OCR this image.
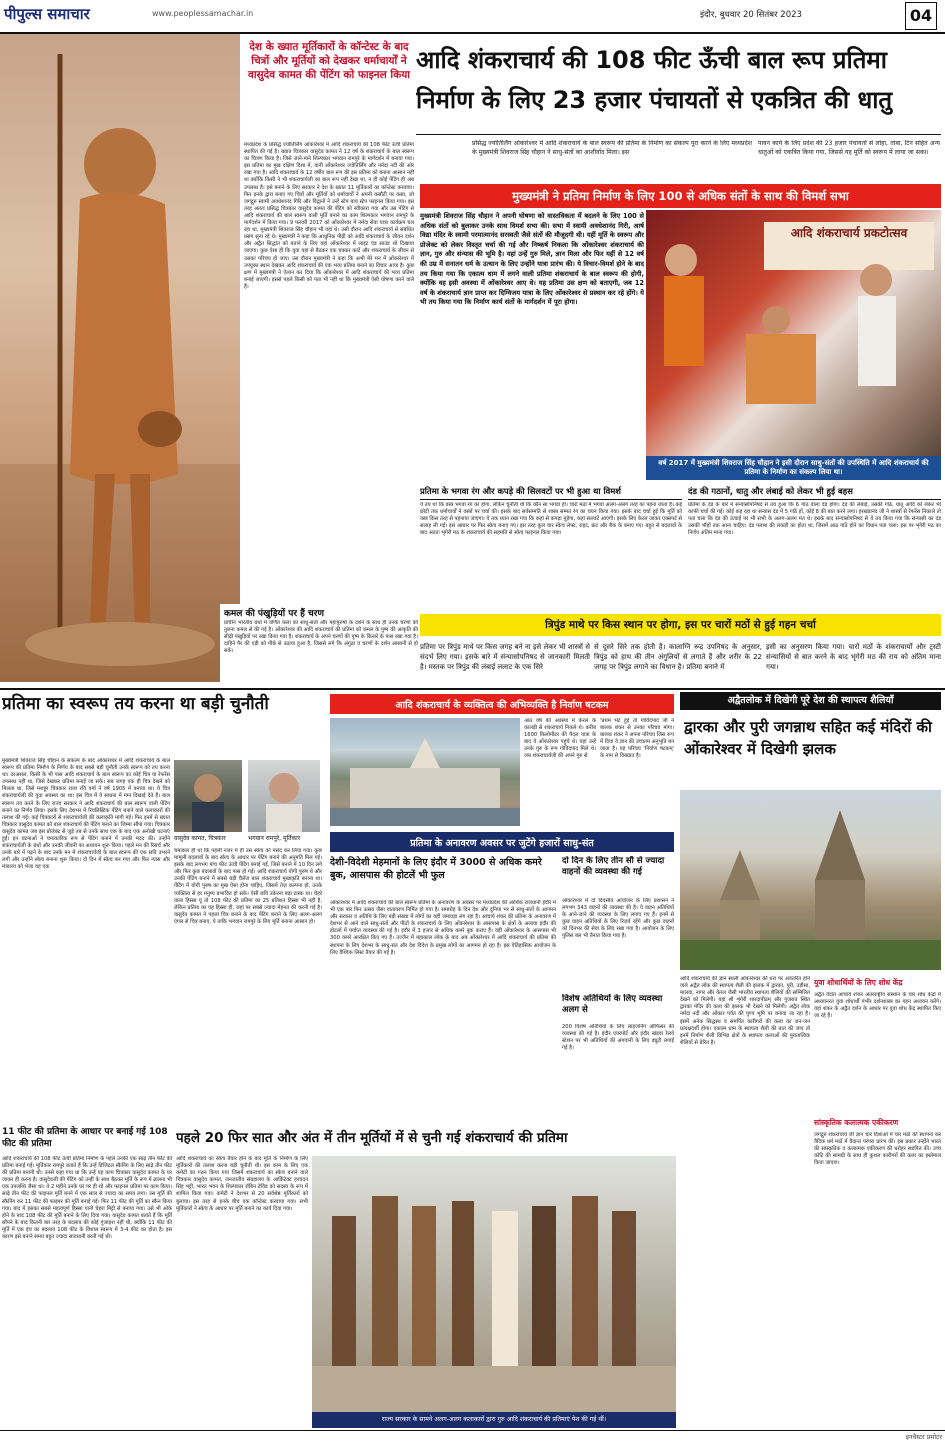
पीपुल्स समाचार	www.peoplessamachar.in	इंदौर, बुधवार 20 सितंबर 2023	04
देश के ख्यात मूर्तिकारों के कॉन्टेस्ट के बाद चित्रों और मूर्तियों को देखकर धर्माचार्यों ने वासुदेव कामत की पेंटिंग को फाइनल किया
आदि शंकराचार्य की 108 फीट ऊँची बाल रूप प्रतिमा
निर्माण के लिए 23 हजार पंचायतों से एकत्रित की धातु
प्रसिद्ध ज्योतिर्लिंग ओंकारेश्वर में आदि शंकराचार्य के बाल स्वरूप की प्रतिमा के निर्माण का संकल्प पूरा करने के लिए मध्यप्रदेश के मुख्यमंत्री शिवराज सिंह चौहान ने साधु-संतों का आशीर्वाद मिला। इस
पावन कार्य के लिए प्रदेश की 23 हजार पंचायतों से लोहा, तांबा, टिन सहित अन्य धातुओं को एकत्रित किया गया, जिससे यह मूर्ति को स्वरूप में लाया जा सका।
मध्यप्रदेश के प्रसिद्ध ज्योतिर्लिंग ओंकारेश्वर में आदि शंकराचार्य की 108 फीट ऊंची प्रतिमा स्थापित की गई है। ख्यात चित्रकार वासुदेव कामत ने 12 वर्ष के शंकराचार्य के बाल स्वरूप का चित्रण किया है। जिसे जाने-माने शिल्पकार भगवान रामपुरे के मार्गदर्शन में बनाया गया। इस प्रतिमा का मुख दक्षिण दिशा में, यानी ओंकारेश्वर ज्योतिर्लिंग और नर्मदा नदी की ओर रखा गया है। आदि शंकराचार्य के 12 वर्षीय बाल रूप की इस प्रतिमा को बनाना आसान नहीं था क्योंकि किसी ने भी शंकराचार्यजी का बाल रूप नहीं देखा था, न ही कोई पेंटिंग ही अब उपलब्ध है। इसे बनाने के लिए सरकार ने देश के ख्यात 11 मूर्तिकारों का कॉन्टेस्ट करवाया। फिर इनके द्वारा बनाए गए चित्रों और मूर्तियों को धर्माचार्यों ने अपनी कसौटी पर कसा, जो जगद्गुरु स्वामी अवधेशानंद गिरि और विद्वानों ने उन्हें स्टेप बाय स्टेप फाइनल किया गया। इस तरह अंततः प्रसिद्ध चित्रकार वासुदेव कामत की पेंटिंग को स्वीकारा गया और उस पेंटिंग से आदि शंकराचार्य की बाल स्वरूप वाली मूर्ति बनाने का काम शिल्पकार भगवान रामपुरे के मार्गदर्शन में किया गया। 9 फरवरी 2017 को ओंकारेश्वर में नर्मदा सेवा यात्रा कार्यक्रम चल रहा था, मुख्यमंत्री शिवराज सिंह चौहान भी वहां थे। उसी दौरान आदि शंकराचार्य से संबंधित प्रसंग सुना रहे थे। मुख्यमंत्री ने कहा कि आधुनिक पीढ़ी को आदि शंकराचार्य के जीवन दर्शन और अद्वैत सिद्धांत को बताने के लिए यहां ओंकारेश्वर में लाइट एंड साउंड शो दिखाया जाएगा। कुछ ऐसा ही कि युवा यहां से बैठकर एक चक्कर काटें और शंकराचार्य के जीवन से उसका परिचय हो जाए। उस दौरान मुख्यमंत्री ने कहा कि अभी मेरे मन में ओंकारेश्वर में उपयुक्त स्थान देखकर आदि शंकराचार्य की एक भव्य प्रतिमा बनाने का विचार आया है। कुछ क्षण में मुख्यमंत्री ने ऐलान कर दिया कि ओंकारेश्वर में आदि शंकराचार्य की भव्य प्रतिमा बनाई जाएगी। इससे पहले किसी को पता भी नहीं था कि मुख्यमंत्री ऐसी घोषणा करने वाले हैं।
कमल की पंखुड़ियों पर हैं चरण
प्राचीन भारतीय ग्रंथों में वर्णित कला का साधु-संतों और महापुरुषों के दर्शन के साथ ही उनके चरणों की तुलना कमल से की गई है। ओंकारेश्वर की आदि शंकराचार्य की प्रतिमा को कमल के पुष्प की आकृति की सीढ़ी पंखुड़ियों पर रखा किया गया है। शंकराचार्य के अपने चरणों की पुष्प के किनारे के पास रखा गया है। दाहिने पैर की एड़ी को पीछे से उठाया हुआ है, जिससे लगे कि अंगुठा व चरणों के दर्शन आसानी से हो सकें।
मुख्यमंत्री ने प्रतिमा निर्माण के लिए 100 से अधिक संतों के साथ की विमर्श सभा
मुख्यमंत्री शिवराज सिंह चौहान ने अपनी घोषणा को वास्तविकता में बदलने के लिए 100 से अधिक संतों को बुलाकर उनके साथ विमर्श सभा की। सभा में स्वामी अवधेशानंद गिरी, आर्ष विद्या मंदिर के स्वामी परमात्मानंद सरस्वती जैसे संतों की मौजूदगी थी। यहीं मूर्ति के स्वरूप और प्रोजेक्ट को लेकर विस्तृत चर्चा की गई और निष्कर्ष निकला कि ओंकारेश्वर शंकराचार्य की ज्ञान, गुरु और संन्यास की भूमि है। यहां उन्हें गुरु मिले, ज्ञान मिला और फिर यहीं से 12 वर्ष की उम्र में सनातन धर्म के उत्थान के लिए उन्होंने यात्रा प्रारंभ की। ये विचार-विमर्श होने के बाद तय किया गया कि एकात्म धाम में लगने वाली प्रतिमा शंकराचार्य के बाल स्वरूप की होगी, क्योंकि वह इसी अवस्था में ओंकारेश्वर आए थे। यह प्रतिमा उस क्षण को बताएगी, जब 12 वर्ष के शंकराचार्य ज्ञान प्राप्त कर दिग्विजय यात्रा के लिए ओंकारेश्वर से प्रस्थान कर रहे होंगे। ये भी तय किया गया कि निर्माण कार्य संतों के मार्गदर्शन में पूरा होगा।
आदि शंकराचार्य प्रकटोत्सव
वर्ष 2017 में मुख्यमंत्री शिवराज सिंह चौहान ने इसी दौरान साधु-संतों की उपस्थिति में आदि शंकराचार्य की प्रतिमा के निर्माण का संकल्प लिया था।
प्रतिमा के भगवा रंग और कपड़े की सिलवटों पर भी हुआ था विमर्श
ये तय था कि वस्त्र भगवा रंग का होगा, लेकिन चुनौती थी कि कौन सा भगवा हो। चारों मठों में भगवा अलग-अलग तरह का पहना जाता है। कई छोटी तक धर्माचार्यों ने वस्त्रों पर चर्चा की। इसके बाद सर्वसम्मति से शास्त्र सम्मत रंग का चयन किया गया। इसके बाद चर्चा हुई कि मूर्ति को वस्त्र किस तरह से पहनाया जाएगा। ये तक ध्यान रखा गया कि कहां से कपड़ा मुड़ेगा, कहां सलवटें आएंगी। इसके लिए केरल जाकर एक्सपर्ट से सलाह ली गई। इस आधार पर फिर स्केच बनाए गए। इस तरह कुल चार स्केच लेफ्ट, राइट, फ्रंट और बैक के बनाए गए। बहुत से बदलावों के बाद अंततः भृंगेरी मठ के शंकराचार्य की सहमति से स्केच फाइनल किया गया।
दंड की गठानों, धातु और लंबाई को लेकर भी हुई बहस
प्रतिमा के दंड के बारे में संन्यासोपनिषद से तय हुआ कि 6 गांठ वाला दंड होगा। दंड की लंबाई, उसकी गांठें, धातु आदि को लेकर भी काफी चर्चा की गई। कोई कह रहा था संन्यास दंड में 5 गांठें हों, कोई 8 की बात करने लगा। हरखंडानंद जी ने शास्त्रों से रेफरेंस निकाले तो पता चला कि दंड की ऊंचाई पर भी सभी के अलग-अलग मत थे। इसके बाद संन्यासोपनिषद से ये तय किया गया कि संन्यासी का दंड उसकी भौंहों तक आना चाहिए। दंड पलाश की लकड़ी का होता था, जिसमें आठ गांठें होने का विधान पता चला। इस पर भृंगेरी मठ का निर्णय अंतिम माना गया।
त्रिपुंड माथे पर किस स्थान पर होगा, इस पर चारों मठों से हुई गहन चर्चा
प्रतिमा पर त्रिपुंड माथे पर किस जगह बने ना इसे लेकर भी शास्त्रों से संदर्भ लिए गया। इसके बारे में संन्यासोपनिषद से जानकारी मिलती है। मस्तक पर त्रिपुंड की लंबाई ललाट के एक सिरे
से दूसरे सिरे तक होती है। कालाग्नि रूद्र उपनिषद के अनुसार, त्रिपुंड को हाथ की तीन अंगुलियों से लगाते हैं और शरीर के 22 जगह पर त्रिपुंड लगाने का विधान है। प्रतिमा बनाने में
इसी का अनुसरण किया गया। चारों मठों के शंकराचार्यों और ट्रस्टी संन्यासियों से बात करने के बाद भृंगेरी मठ की राय को अंतिम माना गया।
प्रतिमा का स्वरूप तय करना था बड़ी चुनौती
मुख्यमंत्री शिवराज सिंह चौहान के संकल्प के बाद ओंकारेश्वर में आदि शंकराचार्य के बाल स्वरूप की प्रतिमा निर्माण के निर्णय के बाद सबसे बड़ी चुनौती उनके स्वरूप को तय करना था। दरअसल, किसी के भी पास आदि शंकराचार्य के बाल स्वरूप का कोई चित्र या रेफरेंस उपलब्ध नहीं था, जिसे देखकर प्रतिमा बनाई जा सके। सब जगह एक ही चित्र देखने को मिलता था, जिसे मशहूर चित्रकार राजा रवि वर्मा ने वर्ष 1905 में बनाया था। ये चित्र शंकराचार्यजी की युवा अवस्था का था। इस चित्र में ये साधना में मग्न दिखाई देते हैं। बाल स्वरूप तय करने के लिए राज्य सरकार ने आदि शंकराचार्य की बाल स्वरूप वाली पेंटिंग बनाने का निर्णय लिया। इसके लिए देशभर में रियलिस्टिक पेंटिंग बनाने वाले कलाकारों की तलाश की गई। कई चित्रकारों से शंकराचार्यजी की कलाकृति मांगी गई। फिर इनमें से ख्यात चित्रकार वासुदेव कामत को बाल शंकराचार्य की पेंटिंग बनाने का जिम्मा सौंपा गया। चित्रकार वासुदेव कामत जब इस प्रोजेक्ट से जुड़े तब से उनके साथ एक के बाद एक अनोखी घटनाएं हुईं। इन घटनाओं ने चमत्कारिक रूप से पेंटिंग बनाने में उनकी मदद की। उन्होंने शंकराचार्यजी के ग्रंथों और उनकी जीवनी का अध्ययन शुरू किया। पहले मन की रिसर्च और उनके बारे में पढ़ने के बाद उनके मन में शंकराचार्यजी के बाल स्वरूप की एक छवि उभरने लगी और उन्होंने स्केच बनाना शुरू किया। दो दिन में स्केच बन गया और फिर न्यास और मंत्रालय को भेजा यह एक
वासुदेव कामत, चित्रकार	भगवान रामपुरे, मूर्तिकार
चमत्कार ही था कि पहली नजर में ही उस स्केच को पसंद कर लिया गया। कुछ मामूली बदलावों के बाद स्केच के आधार पर पेंटिंग बनाने की अनुमति मिल गई। इसके बाद लगभग पांच फीट ऊंची पेंटिंग बनाई गई, जिसे बनाने में 10 दिन लगे और फिर कुछ बदलावों के बाद पास हो गई। आदि शंकराचार्य योगी पुरुष थे और उनकी पेंटिंग बनाने में सबसे बड़ी चैलेंज बाल शंकराचार्य मुखाकृति बनाना था। पेंटिंग में योगी पुरुष का मुख ऐसा होना चाहिए, जिसमें तेज़ कल्पना हो, उनके व्यक्तित्व से हर मनुष्य प्रभावित हो सके। ऐसी छवि उकेरना बड़ा टास्क था। चेहरे वाला हिस्सा यूं तो 108 फीट की प्रतिमा का 25 प्रतिशत हिस्सा भी नहीं है, लेकिन प्रतिमा का यह हिस्सा ही, जहां पर सबसे ज्यादा मेहनत की करनी गई है। वासुदेव कामत ने पहला चित्र बनाने के बाद पेंटिंग बनाने के लिए अलग-अलग एंगल से चित्र बनाए, ये ताकि भगवान रामपुरे के लिए मूर्ति बनाना आसान हो।
11 फीट की प्रतिमा के आधार पर बनाई गई 108 फीट की प्रतिमा
आदि शंकराचार्य की 108 फीट ऊंची प्रतिमा निर्माण के पहले उनकी एक साढ़े तीन फीट की प्रतिमा बनाई गई। मूर्तिकार रामपुरे बताते हैं कि उन्हें डिजिटल स्कैनिंग के लिए साढ़े तीन फीट की प्रतिमा बनानी थी। उनसे कहा गया था कि उन्हें यह काम चित्रकार वासुदेव कामत के घर जाकर ही करना है। वासुदेवजी की पेंटिंग को उन्हीं के साथ बैठकर मूर्ति के रूप में ढालना भी एक उपलब्धि जैसा था। वे 2 महीने उनके घर पर ही रहे और फाइनल प्रतिमा पर काम किया। साढ़े तीन फीट की फाइनल मूर्ति बनने में एक साल से ज्यादा का समय लगा। उस मूर्ति की स्कैनिंग कर 11 फीट की फाइबर की मूर्ति बनाई गई। फिर 11 फीट की मूर्ति का स्कैन किया गया। बाद में इसका सबसे महत्वपूर्ण हिस्सा यानी चेहरा मिट्टी से बनाया गया। उसे भी ओके होने के बाद 108 फीट की मूर्ति बनाने के लिए दिया गया। वासुदेव कामत बताते हैं कि मूर्ति सौंपने के बाद कितनी बार तरह के बदलाव की कोई गुंजाइश नहीं थी, क्योंकि 11 फीट की मूर्ति में एक इंच का बदलाव 108 फीट के विशाल स्वरूप में 3-4 फीट का होता है। इस कारण इसे बनाने समय बहुत ज्यादा सावधानी बरती गई थी।
आदि शंकराचार्य के व्यक्तित्व की अभिव्यक्ति है निर्वाण षटकम
आठ वर्ष की अवस्था में केरल के कालड़ी से शंकराचार्य निकले थे। करीब 1600 किलोमीटर की पैदल यात्रा के बाद वे ओंकारेश्वर पहुंचे थे। यहां उन्हें उनके गुरु के रूप गोविंदपाद मिले थे। जब शंकराचार्यजी की अपने गुरु से
'प्रथम भेंट हुई तो गोविंदपाद जी ने बालक शंकर से उनका परिचय मांगा। बालक शंकर ने अपना परिचय जिस रूप में दिया वे ज्ञान की उच्चतम अनुभूति बन जाता है। यह परिचय 'निर्वाण षटकम्' के नाम से विख्यात है।
प्रतिमा के अनावरण अवसर पर जुटेंगे हजारों साधु-संत
देशी-विदेशी मेहमानों के लिए इंदौर में 3000 से अधिक कमरे बुक, आसपास की होटलें भी फुल
ओंकारेश्वर में आदि शंकराचार्य की बाल स्वरूप प्रतिमा के अनावरण के अवसर पर मध्यप्रदेश की आर्थिक राजधानी इंदौर में भी एक बार फिर उत्सव जैसा वातावरण निर्मित हो गया है। समारोह के दिन देश और दुनिया भर से साधु-संतों के आगमन और सरकार व अतिथि के लिए बड़ी संख्या में लोगों का यहीं जमावड़ा लग रहा है। आचार्य शंकर की प्रतिमा के अनावरण में देशभर से आने वाले साधु-संतों और पीठों के शंकराचार्य के लिए ओंकारेश्वर के आसपास के क्षेत्रों के अलावा इंदौर की होटलों में पर्याप्त व्यवस्था की गई है। इंदौर में 3 हजार से अधिक कमरे बुक कराए हैं। वहीं ओंकारेश्वर के आसपास भी 300 कमरे आरक्षित किए गए हैं। उज्जैन में महाकाल लोक के बाद अब ओंकारेश्वर में आदि शंकराचार्य की प्रतिमा की स्थापना के लिए देशभर के साधु-संत और देश विदेश के प्रमुख लोगों का आगमन हो रहा है। इस ऐतिहासिक आयोजन के लिए वैश्विक लिस्ट तैयार की गई है।
दो दिन के लिए तीन सौ से ज्यादा वाहनों की व्यवस्था की गई
ओंकारेश्वर में दो दिवसीय आयोजन के लिए प्रशासन ने लगभग 343 वाहनों की व्यवस्था की है। ये वाहन अतिथियों के आने-जाने की व्यवस्था के लिए लगाए गए हैं। इनमें से कुछ वाहन अतिथियों के लिए रिज़र्व रहेंगे और कुछ वाहनों को दिनभर की सेवा के लिए रखा गया है। आयोजन के लिए पुलिस बल भी तैनात किया गया है।
विशेष अतिथियों के लिए व्यवस्था अलग से
200 विशेष अतिथियों के लिए लाइजनिंग ऑफिसर की व्यवस्था की गई है। इंदौर एयरपोर्ट और इंदौर खंडवा रेलवे स्टेशन पर भी अतिथियों की अगवानी के लिए ड्यूटी लगाई गई है।
अद्वैतलोक में दिखेगी पूरे देश की स्थापत्य शैलियाँ
द्वारका और पुरी जगन्नाथ सहित कई मंदिरों की ओंकारेश्वर में दिखेगी झलक
आदि शंकराचार्य की ज्ञान स्थली ओंकारेश्वर की धरा पर अवतरित होने वाले अद्वैत लोक की स्थापत्य शैली की झलक में द्वारका, पुरी, उड़ीसा, मालवा, नागर और केरल जैसी भारतीय स्थापत्य शैलियों की सम्मिलित देखने को मिलेगी। यहां श्री शृंगेरी शारदापीठम् और गुजरात स्थित द्वारका मंदिर की कला की झलक भी देखने को मिलेगी। अद्वैत लोक नर्मदा नदी और ओंकार पर्वत की पुण्य भूमि पर बनाया जा रहा है। इसमें अनेक सिद्धस्थ व समर्पित कारीगरों की कला का जन-जन प्रत्यक्षदर्शी होगा। एकात्म धाम के स्थापत्य शैली की बात की जाए तो इनमें निर्माण शैली विभिन्न क्षेत्रों के स्थापत्य कलाओं की पुरातात्विक शैलियों से प्रेरित है।
युवा शोधार्थियों के लिए शोध केंद्र
अद्वैत वेदांत आचार्य शंकर अंतरराष्ट्रीय संस्थान के चार शोध केंद्रों में अध्ययनरत युवा शोधार्थी गंभीर दर्शनशास्त्र का गहन अध्ययन करेंगे। यहां शंकर के अद्वैत दर्शन के आधार पर युवा शोध केंद्र स्थापित किए जा रहे हैं।
सांस्कृतिक कलात्मक एकीकरण
जगद्गुरु शंकराचार्य जी ज्ञान चार दिशाओं में चार मठों की स्थापना कर वैदिक धर्म मठों में वैदान्त परंपरा प्रारंभ की। इस प्रकार उन्होंने भारत की सांस्कृतिक व कलात्मक एकीकरण की धरोहर स्थापित की। उच्च कोटि की सामग्री के साथ ही कुशल कारीगरों की कला का इस्तेमाल किया जाएगा।
पहले 20 फिर सात और अंत में तीन मूर्तियों में से चुनी गई शंकराचार्य की प्रतिमा
आदि शंकराचार्य का स्केच तैयार होने के बाद मूर्ति के निर्माण के लिए मूर्तिकारों की तलाश करना बड़ी चुनौती थी। इस काम के लिए एक कमेटी का गठन किया गया जिसमें शंकराचार्य का स्केच बनाने वाले चित्रकार वासुदेव कामत, जनजातीय संग्रहालय के आर्किटेक्ट हरचंदन सिंह भट्टी, भारत भवन के शिल्पकार रॉबिन डेविड को सदस्य के रूप में शामिल किया गया। कमेटी ने देशभर से 20 सर्वश्रेष्ठ मूर्तिकारों को बुलाया। इस तरह से इनके बीच एक कॉन्टेस्ट करवाया गया। सभी मूर्तिकारों ने स्केच के आधार पर मूर्ति बनाने का कार्य दिया गया।
राज्य सरकार के सामने अलग-अलग कलाकारों द्वारा गुरु आदि शंकराचार्य की प्रतिमाएं पेश की गई थीं।
इनवैस्टर प्रमोटर
